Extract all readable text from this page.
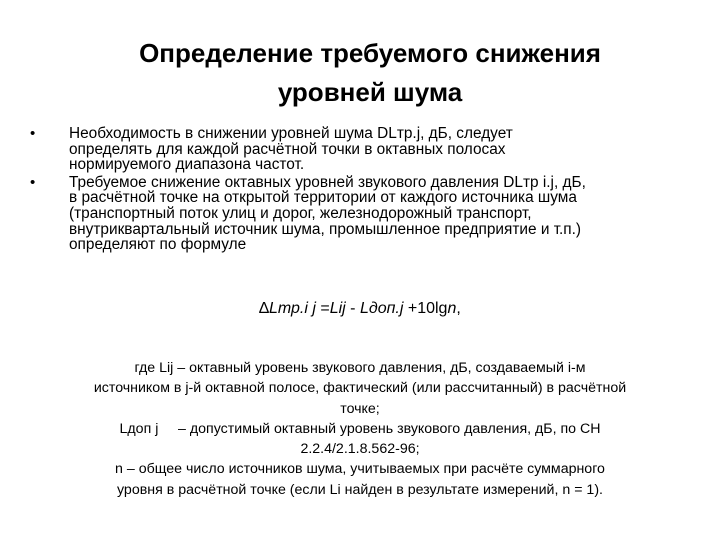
Определение требуемого снижения
уровней шума
• Необходимость в снижении уровней шума DLтр.j, дБ, следует
определять для каждой расчётной точки в октавных полосах
нормируемого диапазона частот.
• Требуемое снижение октавных уровней звукового давления DLтр i.j, дБ,
в расчётной точке на открытой территории от каждого источника шума
(транспортный поток улиц и дорог, железнодорожный транспорт,
внутриквартальный источник шума, промышленное предприятие и т.п.)
определяют по формуле
∆Lтр.i j =Lij - Lдоп.j +10lgn,
где Lij – октавный уровень звукового давления, дБ, создаваемый i-м
источником в j-й октавной полосе, фактический (или рассчитанный) в расчётной
точке;
Lдоп j     – допустимый октавный уровень звукового давления, дБ, по СН
2.2.4/2.1.8.562-96;
n – общее число источников шума, учитываемых при расчёте суммарного
уровня в расчётной точке (если Li найден в результате измерений, n = 1).
